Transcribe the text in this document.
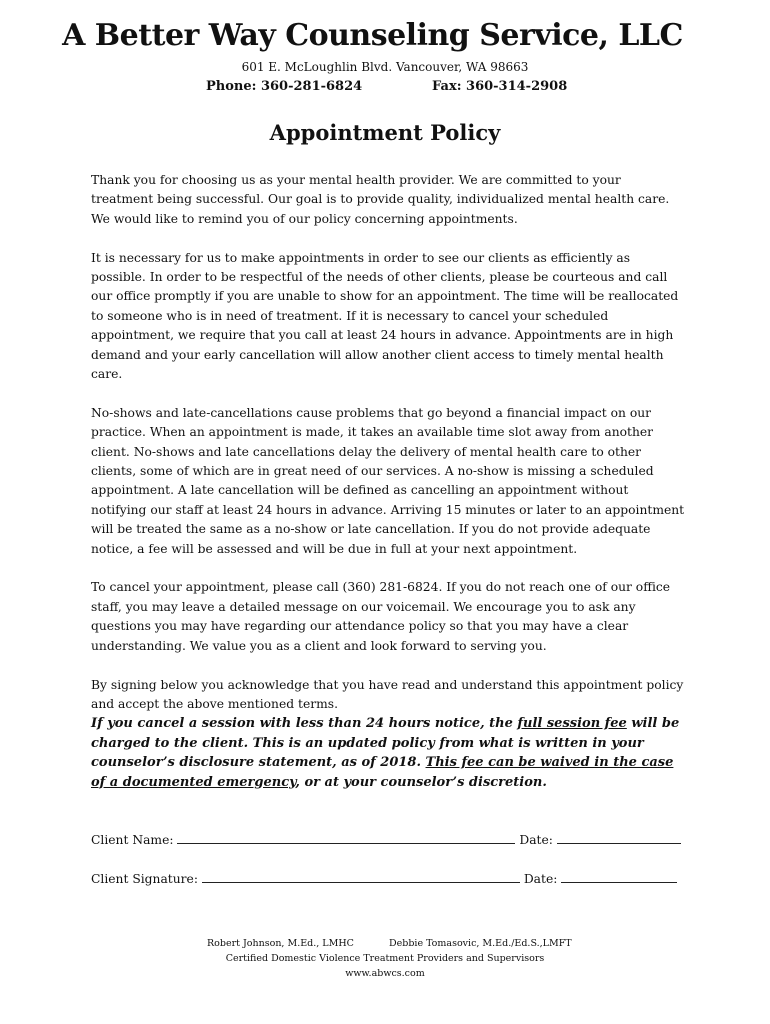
A Better Way Counseling Service, LLC
601 E. McLoughlin Blvd. Vancouver, WA 98663
Phone: 360-281-6824	Fax: 360-314-2908
Appointment Policy

Thank you for choosing us as your mental health provider. We are committed to your treatment being successful. Our goal is to provide quality, individualized mental health care. We would like to remind you of our policy concerning appointments.

It is necessary for us to make appointments in order to see our clients as efficiently as possible. In order to be respectful of the needs of other clients, please be courteous and call our office promptly if you are unable to show for an appointment. The time will be reallocated to someone who is in need of treatment. If it is necessary to cancel your scheduled appointment, we require that you call at least 24 hours in advance. Appointments are in high demand and your early cancellation will allow another client access to timely mental health care.

No-shows and late-cancellations cause problems that go beyond a financial impact on our practice. When an appointment is made, it takes an available time slot away from another client. No-shows and late cancellations delay the delivery of mental health care to other clients, some of which are in great need of our services. A no-show is missing a scheduled appointment. A late cancellation will be defined as cancelling an appointment without notifying our staff at least 24 hours in advance. Arriving 15 minutes or later to an appointment will be treated the same as a no-show or late cancellation. If you do not provide adequate notice, a fee will be assessed and will be due in full at your next appointment.

To cancel your appointment, please call (360) 281-6824. If you do not reach one of our office staff, you may leave a detailed message on our voicemail. We encourage you to ask any questions you may have regarding our attendance policy so that you may have a clear understanding. We value you as a client and look forward to serving you.

By signing below you acknowledge that you have read and understand this appointment policy and accept the above mentioned terms.

If you cancel a session with less than 24 hours notice, the full session fee will be charged to the client. This is an updated policy from what is written in your counselor’s disclosure statement, as of 2018. This fee can be waived in the case of a documented emergency, or at your counselor’s discretion.
Client Name:	Date:
Client Signature:	Date:
Robert Johnson, M.Ed., LMHC	Debbie Tomasovic, M.Ed./Ed.S.,LMFT
Certified Domestic Violence Treatment Providers and Supervisors
www.abwcs.com
